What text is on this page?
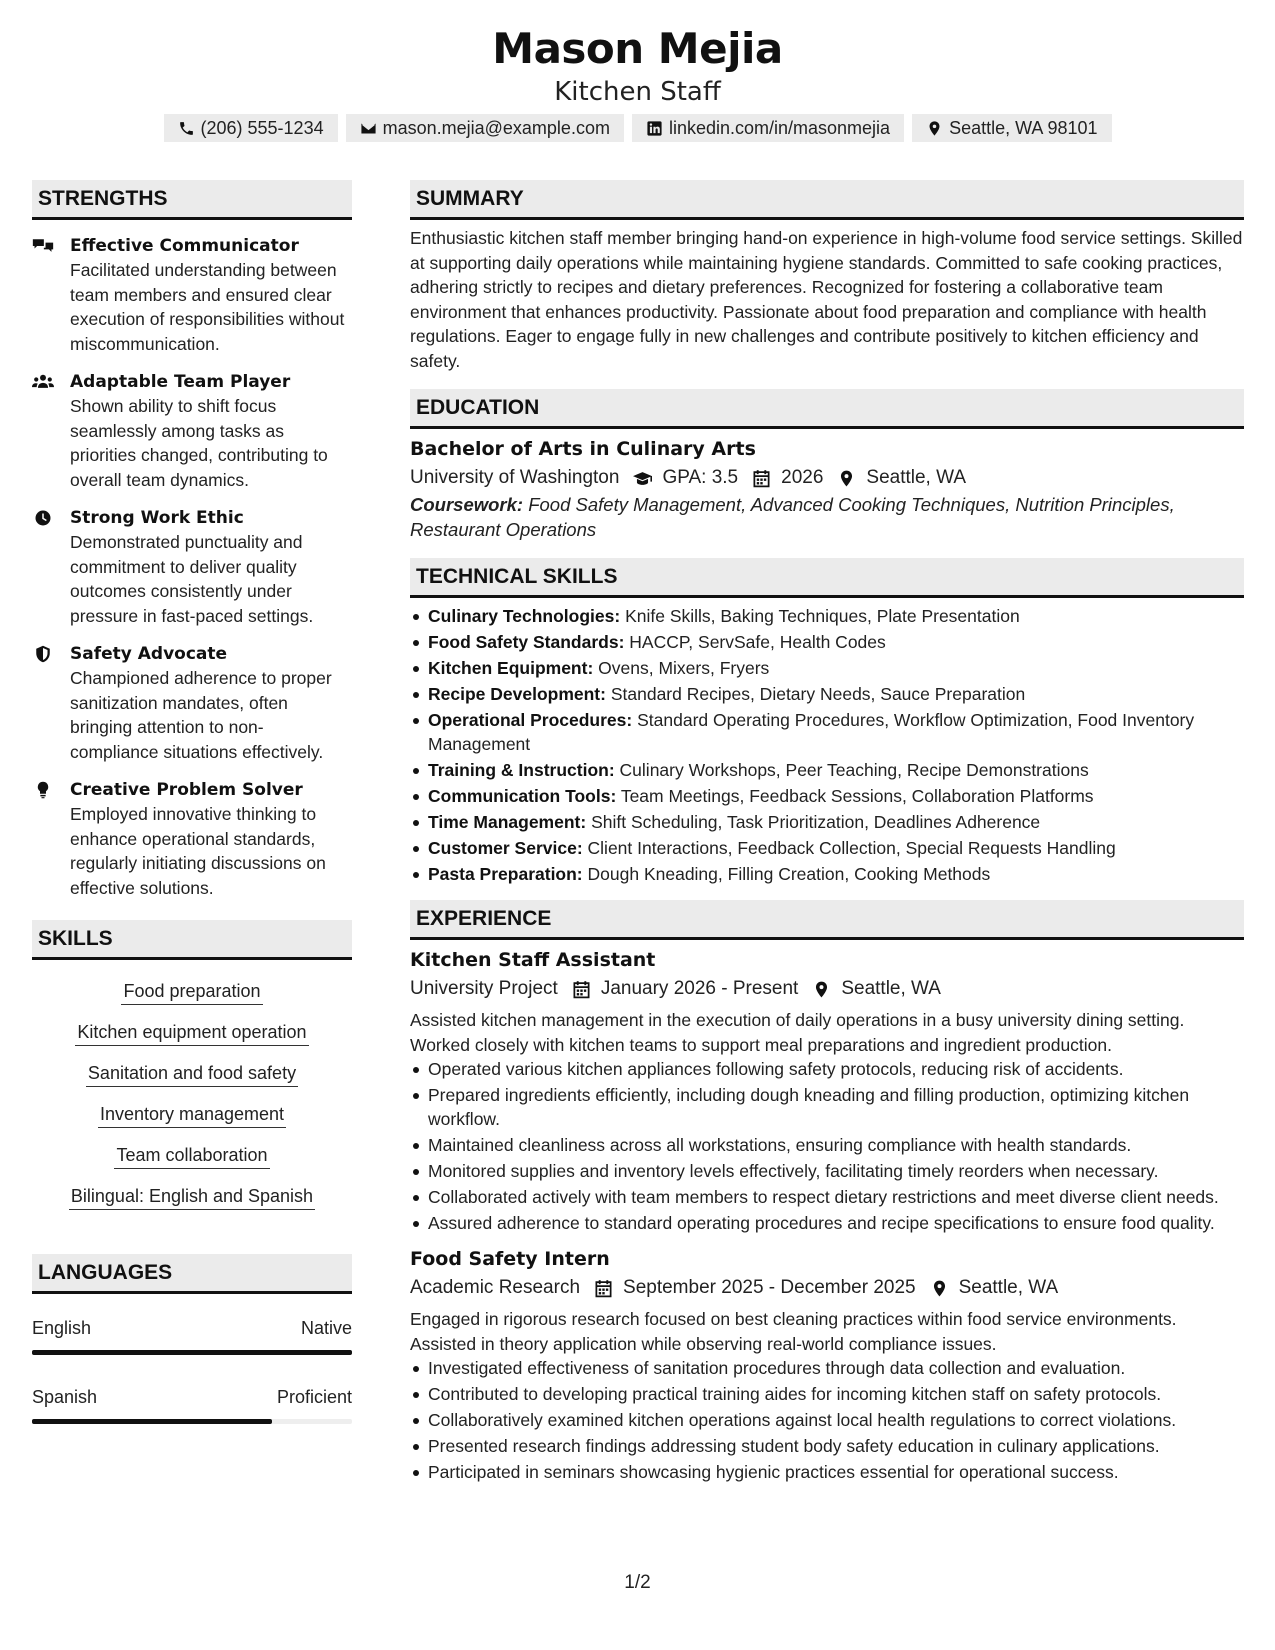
Mason Mejia
Kitchen Staff
(206) 555-1234	mason.mejia@example.com	linkedin.com/in/masonmejia	Seattle, WA 98101
STRENGTHS
Effective Communicator
Facilitated understanding between team members and ensured clear execution of responsibilities without miscommunication.
Adaptable Team Player
Shown ability to shift focus seamlessly among tasks as priorities changed, contributing to overall team dynamics.
Strong Work Ethic
Demonstrated punctuality and commitment to deliver quality outcomes consistently under pressure in fast-paced settings.
Safety Advocate
Championed adherence to proper sanitization mandates, often bringing attention to non-compliance situations effectively.
Creative Problem Solver
Employed innovative thinking to enhance operational standards, regularly initiating discussions on effective solutions.
SKILLS
Food preparation
Kitchen equipment operation
Sanitation and food safety
Inventory management
Team collaboration
Bilingual: English and Spanish
LANGUAGES
English	Native
Spanish	Proficient
SUMMARY
Enthusiastic kitchen staff member bringing hand-on experience in high-volume food service settings. Skilled at supporting daily operations while maintaining hygiene standards. Committed to safe cooking practices, adhering strictly to recipes and dietary preferences. Recognized for fostering a collaborative team environment that enhances productivity. Passionate about food preparation and compliance with health regulations. Eager to engage fully in new challenges and contribute positively to kitchen efficiency and safety.
EDUCATION
Bachelor of Arts in Culinary Arts
University of Washington GPA: 3.5 2026 Seattle, WA
Coursework: Food Safety Management, Advanced Cooking Techniques, Nutrition Principles, Restaurant Operations
TECHNICAL SKILLS
Culinary Technologies: Knife Skills, Baking Techniques, Plate Presentation
Food Safety Standards: HACCP, ServSafe, Health Codes
Kitchen Equipment: Ovens, Mixers, Fryers
Recipe Development: Standard Recipes, Dietary Needs, Sauce Preparation
Operational Procedures: Standard Operating Procedures, Workflow Optimization, Food Inventory Management
Training & Instruction: Culinary Workshops, Peer Teaching, Recipe Demonstrations
Communication Tools: Team Meetings, Feedback Sessions, Collaboration Platforms
Time Management: Shift Scheduling, Task Prioritization, Deadlines Adherence
Customer Service: Client Interactions, Feedback Collection, Special Requests Handling
Pasta Preparation: Dough Kneading, Filling Creation, Cooking Methods
EXPERIENCE
Kitchen Staff Assistant
University Project January 2026 - Present Seattle, WA
Assisted kitchen management in the execution of daily operations in a busy university dining setting. Worked closely with kitchen teams to support meal preparations and ingredient production.
Operated various kitchen appliances following safety protocols, reducing risk of accidents.
Prepared ingredients efficiently, including dough kneading and filling production, optimizing kitchen workflow.
Maintained cleanliness across all workstations, ensuring compliance with health standards.
Monitored supplies and inventory levels effectively, facilitating timely reorders when necessary.
Collaborated actively with team members to respect dietary restrictions and meet diverse client needs.
Assured adherence to standard operating procedures and recipe specifications to ensure food quality.
Food Safety Intern
Academic Research September 2025 - December 2025 Seattle, WA
Engaged in rigorous research focused on best cleaning practices within food service environments. Assisted in theory application while observing real-world compliance issues.
Investigated effectiveness of sanitation procedures through data collection and evaluation.
Contributed to developing practical training aides for incoming kitchen staff on safety protocols.
Collaboratively examined kitchen operations against local health regulations to correct violations.
Presented research findings addressing student body safety education in culinary applications.
Participated in seminars showcasing hygienic practices essential for operational success.
1/2
